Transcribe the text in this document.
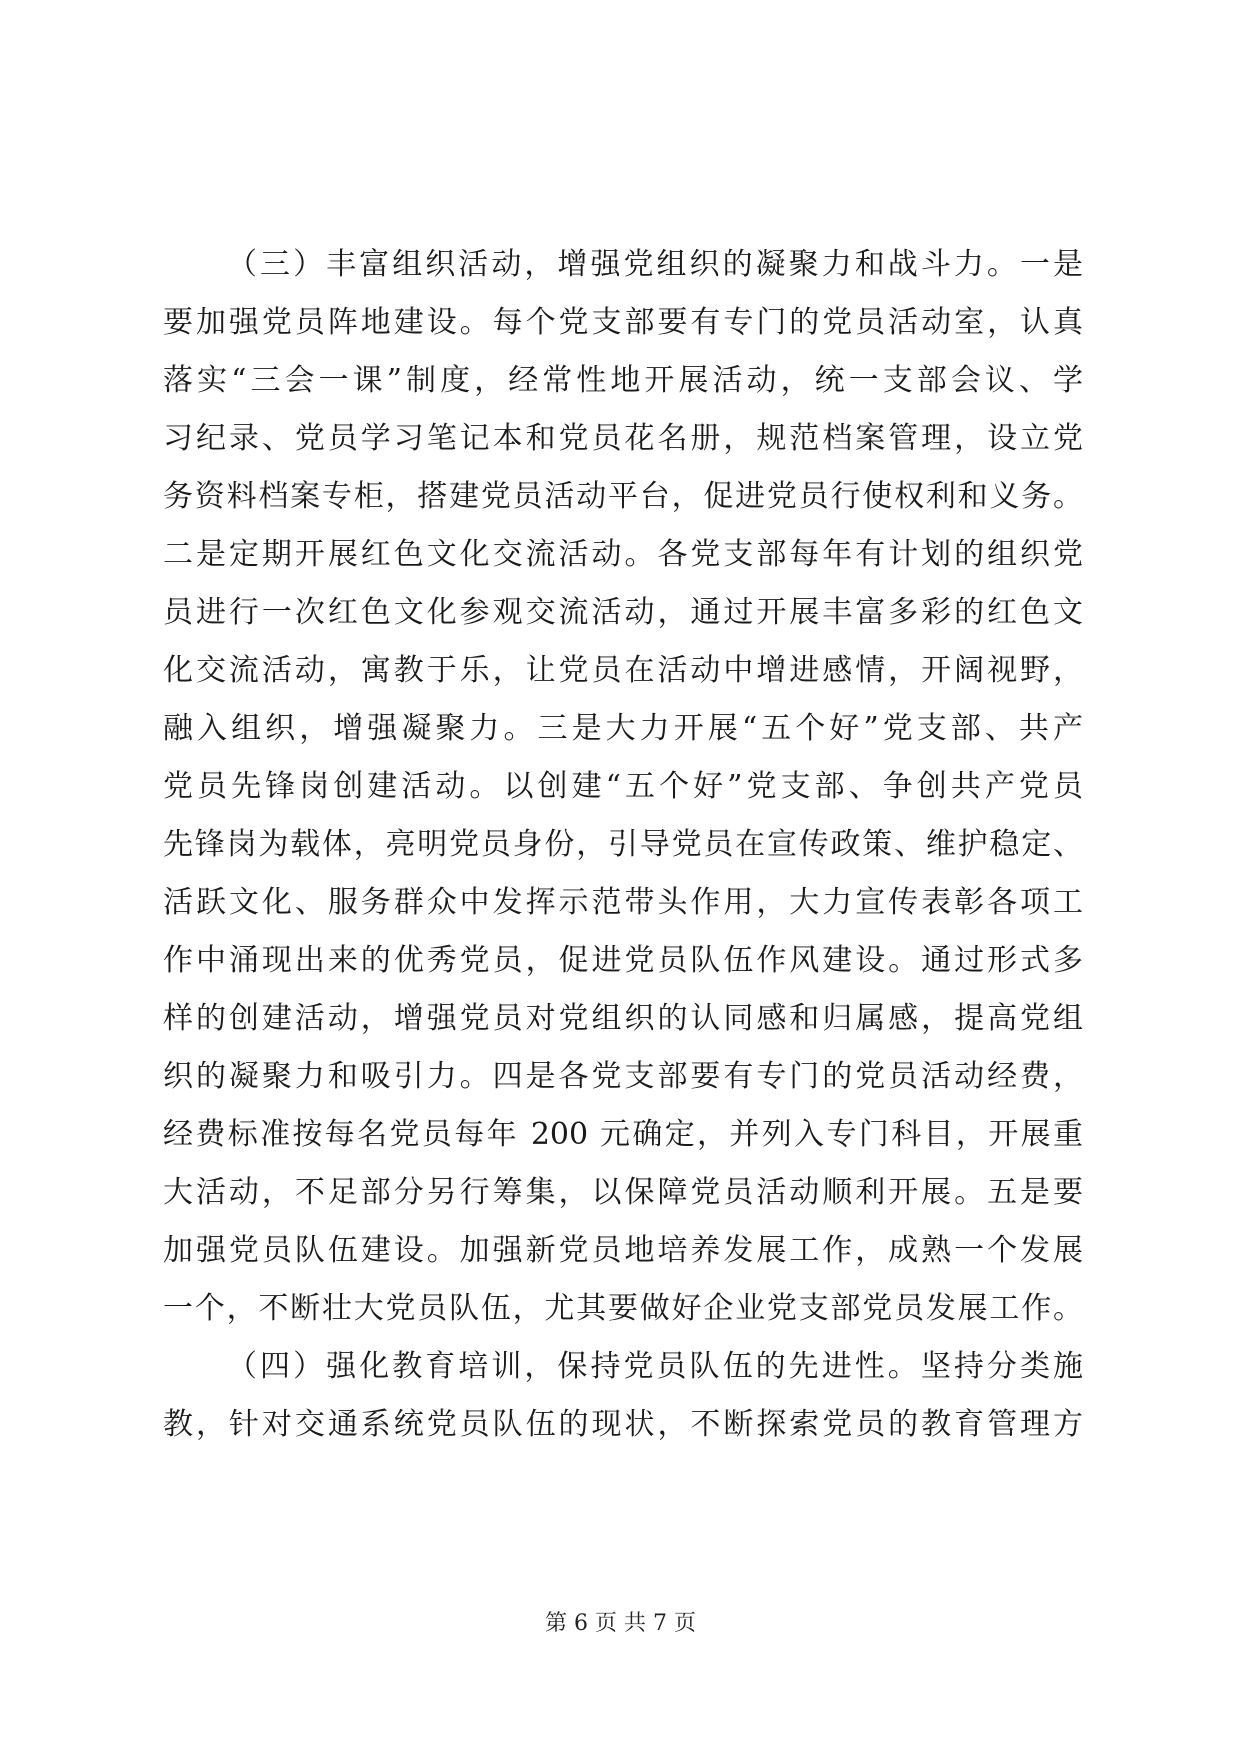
（三）丰富组织活动，增强党组织的凝聚力和战斗力。一是
要加强党员阵地建设。每个党支部要有专门的党员活动室，认真
落实“三会一课”制度，经常性地开展活动，统一支部会议、学
习纪录、党员学习笔记本和党员花名册，规范档案管理，设立党
务资料档案专柜，搭建党员活动平台，促进党员行使权利和义务。
二是定期开展红色文化交流活动。各党支部每年有计划的组织党
员进行一次红色文化参观交流活动，通过开展丰富多彩的红色文
化交流活动，寓教于乐，让党员在活动中增进感情，开阔视野，
融入组织，增强凝聚力。三是大力开展“五个好”党支部、共产
党员先锋岗创建活动。以创建“五个好”党支部、争创共产党员
先锋岗为载体，亮明党员身份，引导党员在宣传政策、维护稳定、
活跃文化、服务群众中发挥示范带头作用，大力宣传表彰各项工
作中涌现出来的优秀党员，促进党员队伍作风建设。通过形式多
样的创建活动，增强党员对党组织的认同感和归属感，提高党组
织的凝聚力和吸引力。四是各党支部要有专门的党员活动经费，
经费标准按每名党员每年 200 元确定，并列入专门科目，开展重
大活动，不足部分另行筹集，以保障党员活动顺利开展。五是要
加强党员队伍建设。加强新党员地培养发展工作，成熟一个发展
一个，不断壮大党员队伍，尤其要做好企业党支部党员发展工作。
（四）强化教育培训，保持党员队伍的先进性。坚持分类施
教，针对交通系统党员队伍的现状，不断探索党员的教育管理方
第 6 页 共 7 页
